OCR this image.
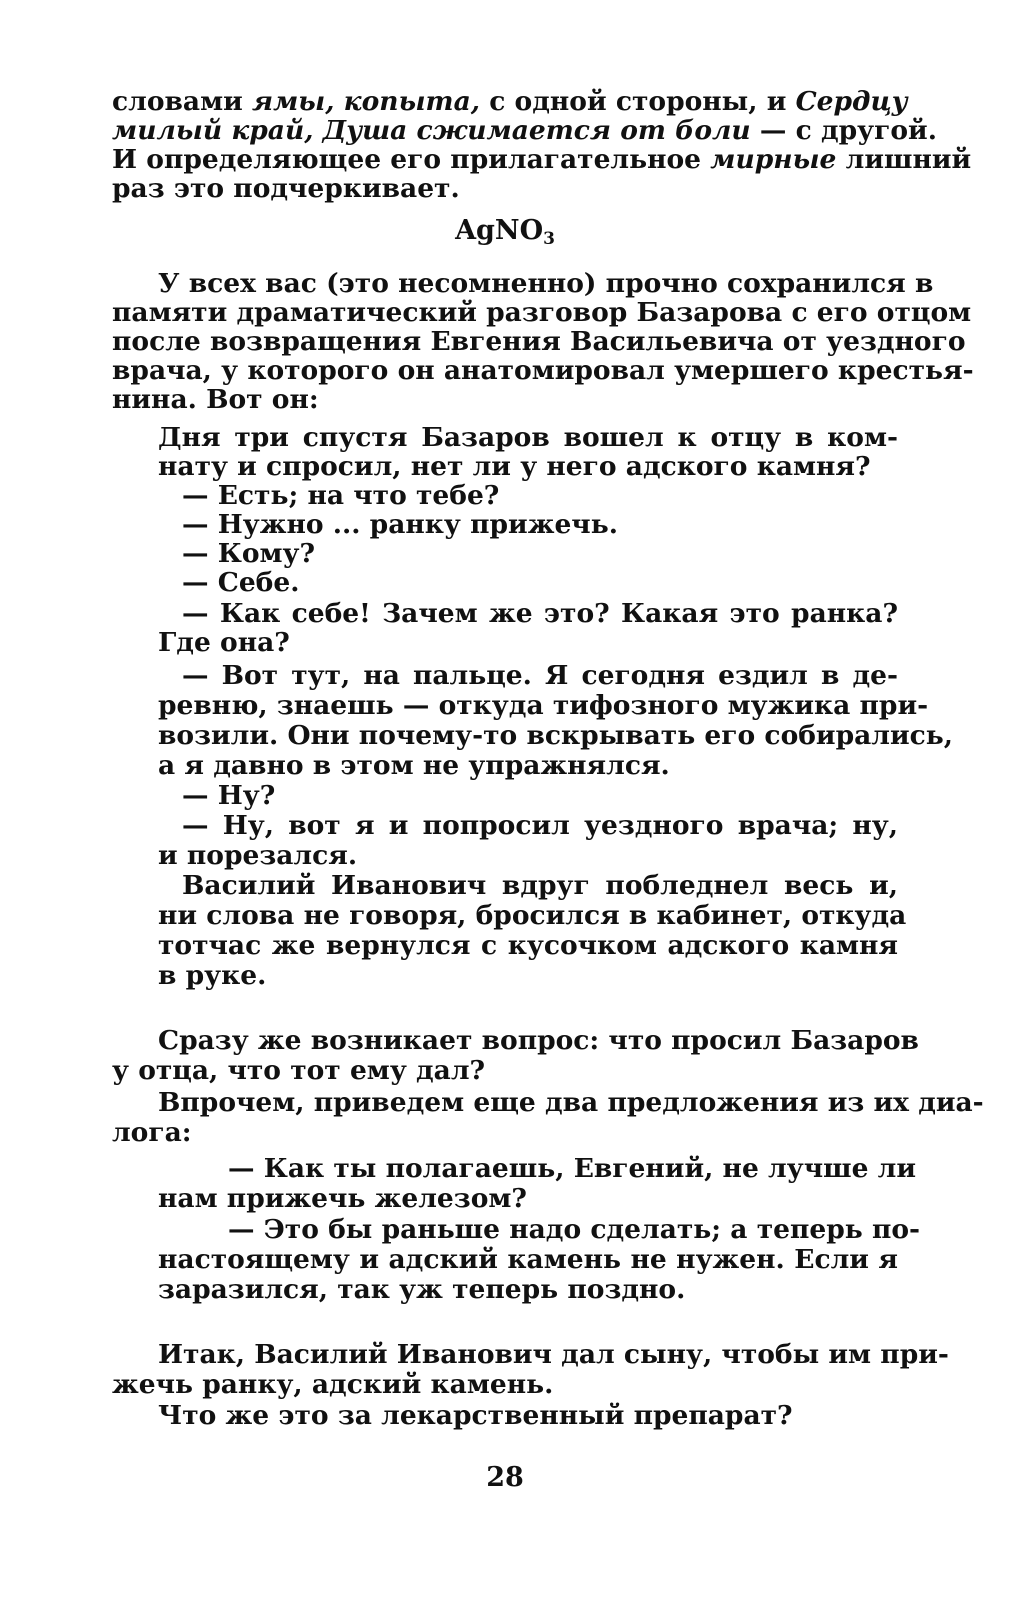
словами ямы, копыта, с одной стороны, и Сердцу
милый край, Душа сжимается от боли — с другой.
И определяющее его прилагательное мирные лишний
раз это подчеркивает.
AgNO$_3$
У всех вас (это несомненно) прочно сохранился в
памяти драматический разговор Базарова с его отцом
после возвращения Евгения Васильевича от уездного
врача, у которого он анатомировал умершего крестья-
нина. Вот он:
Дня три спустя Базаров вошел к отцу в ком-
нату и спросил, нет ли у него адского камня?
— Есть; на что тебе?
— Нужно ... ранку прижечь.
— Кому?
— Себе.
— Как себе! Зачем же это? Какая это ранка?
Где она?
— Вот тут, на пальце. Я сегодня ездил в де-
ревню, знаешь — откуда тифозного мужика при-
возили. Они почему-то вскрывать его собирались,
а я давно в этом не упражнялся.
— Ну?
— Ну, вот я и попросил уездного врача; ну,
и порезался.
Василий Иванович вдруг побледнел весь и,
ни слова не говоря, бросился в кабинет, откуда
тотчас же вернулся с кусочком адского камня
в руке.
Сразу же возникает вопрос: что просил Базаров
у отца, что тот ему дал?
Впрочем, приведем еще два предложения из их диа-
лога:
— Как ты полагаешь, Евгений, не лучше ли
нам прижечь железом?
— Это бы раньше надо сделать; а теперь по-
настоящему и адский камень не нужен. Если я
заразился, так уж теперь поздно.
Итак, Василий Иванович дал сыну, чтобы им при-
жечь ранку, адский камень.
Что же это за лекарственный препарат?
28
